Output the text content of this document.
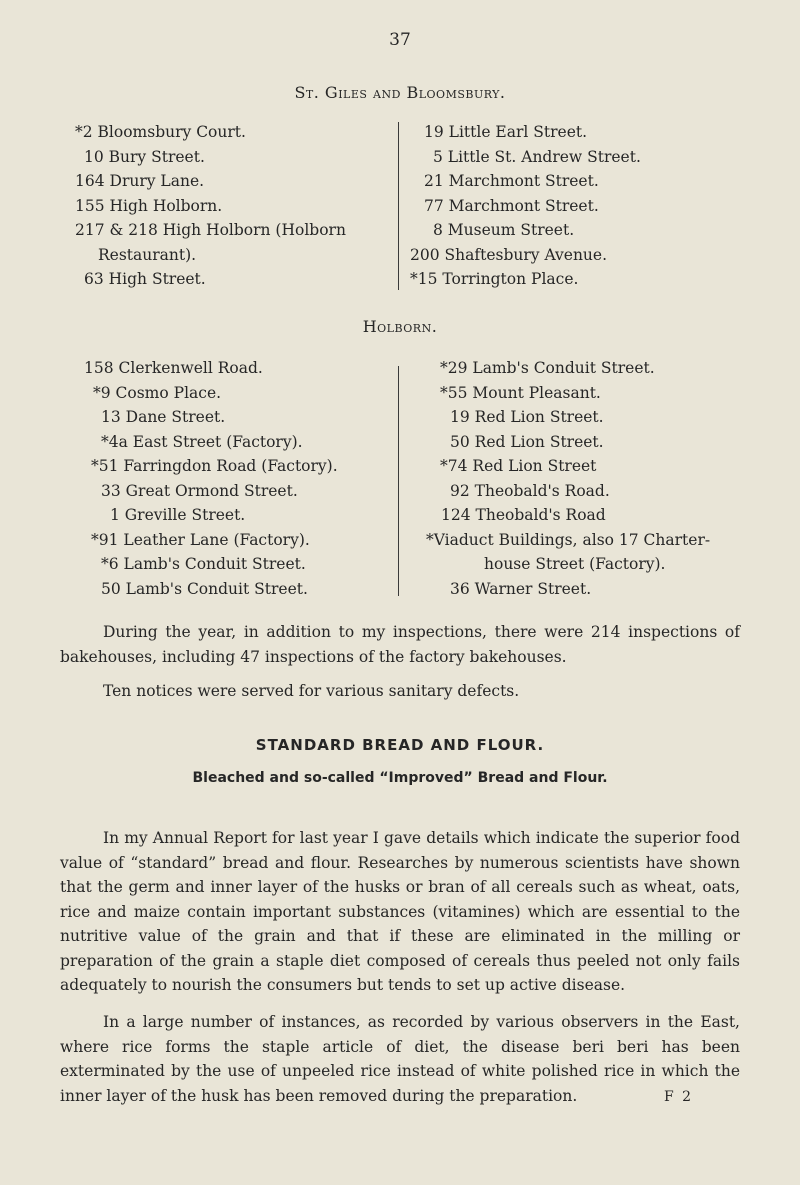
37
St. Giles and Bloomsbury.
*2 Bloomsbury Court.
10 Bury Street.
164 Drury Lane.
155 High Holborn.
217 & 218 High Holborn (Holborn
Restaurant).
63 High Street.
19 Little Earl Street.
5 Little St. Andrew Street.
21 Marchmont Street.
77 Marchmont Street.
8 Museum Street.
200 Shaftesbury Avenue.
*15 Torrington Place.
Holborn.
158 Clerkenwell Road.
*9 Cosmo Place.
13 Dane Street.
*4a East Street (Factory).
*51 Farringdon Road (Factory).
33 Great Ormond Street.
1 Greville Street.
*91 Leather Lane (Factory).
*6 Lamb's Conduit Street.
50 Lamb's Conduit Street.
*29 Lamb's Conduit Street.
*55 Mount Pleasant.
19 Red Lion Street.
50 Red Lion Street.
*74 Red Lion Street
92 Theobald's Road.
124 Theobald's Road
*Viaduct Buildings, also 17 Charter-
house Street (Factory).
36 Warner Street.
During the year, in addition to my inspections, there were 214 inspections of bakehouses, including 47 inspections of the factory bakehouses.
Ten notices were served for various sanitary defects.
STANDARD BREAD AND FLOUR.
Bleached and so-called “Improved” Bread and Flour.
In my Annual Report for last year I gave details which indicate the superior food value of “standard” bread and flour. Researches by numerous scientists have shown that the germ and inner layer of the husks or bran of all cereals such as wheat, oats, rice and maize contain important substances (vitamines) which are essential to the nutritive value of the grain and that if these are eliminated in the milling or preparation of the grain a staple diet composed of cereals thus peeled not only fails adequately to nourish the consumers but tends to set up active disease.
In a large number of instances, as recorded by various observers in the East, where rice forms the staple article of diet, the disease beri beri has been exterminated by the use of unpeeled rice instead of white polished rice in which the inner layer of the husk has been removed during the preparation.	F 2
